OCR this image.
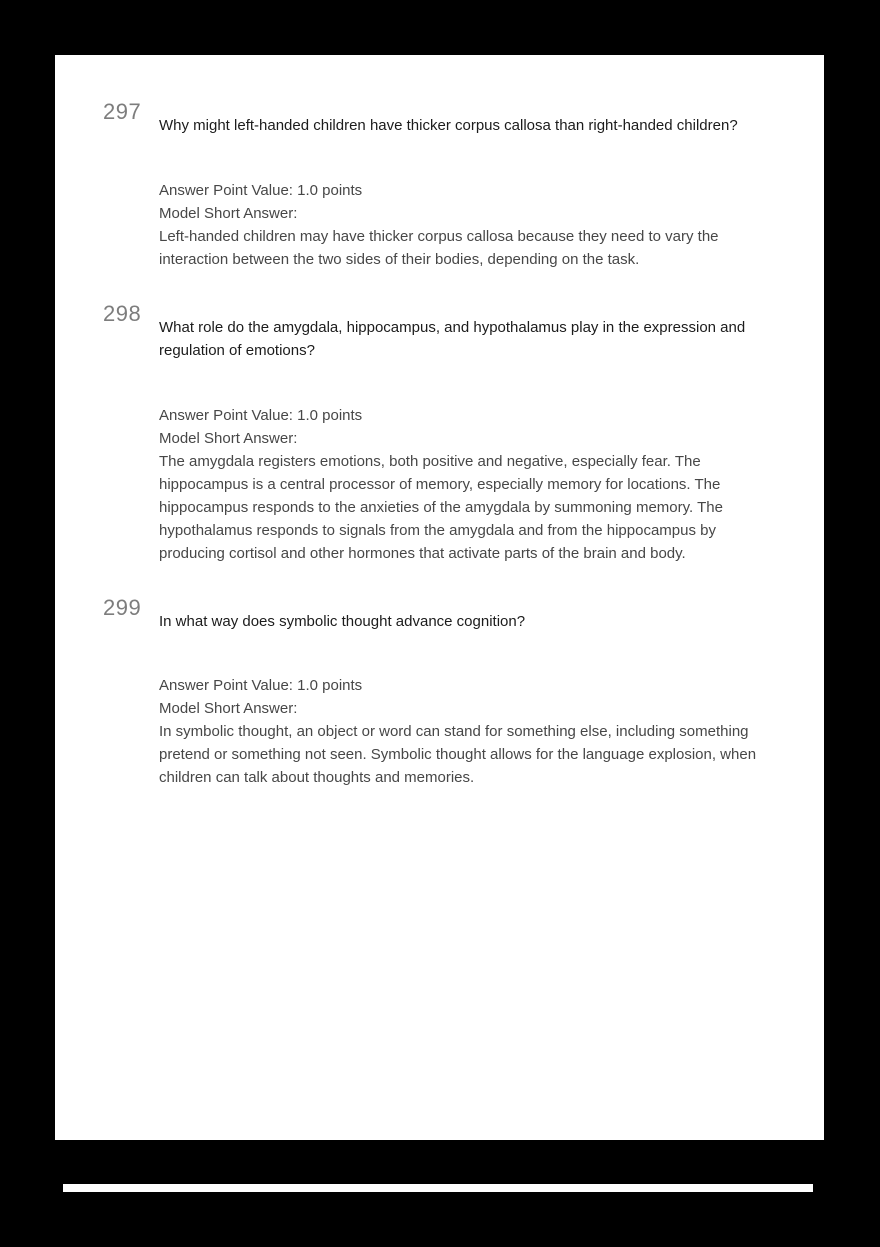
297

Why might left-handed children have thicker corpus callosa than right-handed children?

Answer Point Value: 1.0 points

Model Short Answer:

Left-handed children may have thicker corpus callosa because they need to vary the interaction between the two sides of their bodies, depending on the task.

298

What role do the amygdala, hippocampus, and hypothalamus play in the expression and regulation of emotions?

Answer Point Value: 1.0 points

Model Short Answer:

The amygdala registers emotions, both positive and negative, especially fear. The hippocampus is a central processor of memory, especially memory for locations. The hippocampus responds to the anxieties of the amygdala by summoning memory. The hypothalamus responds to signals from the amygdala and from the hippocampus by producing cortisol and other hormones that activate parts of the brain and body.

299

In what way does symbolic thought advance cognition?

Answer Point Value: 1.0 points

Model Short Answer:

In symbolic thought, an object or word can stand for something else, including something pretend or something not seen. Symbolic thought allows for the language explosion, when children can talk about thoughts and memories.
